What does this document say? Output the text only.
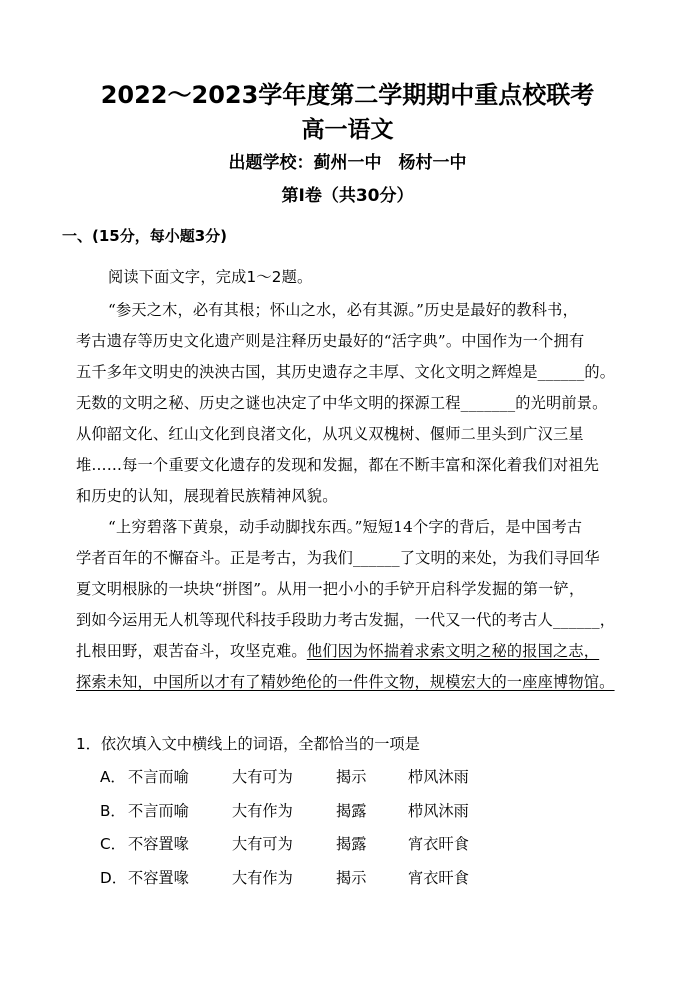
2022～2023学年度第二学期期中重点校联考
高一语文
出题学校：蓟州一中　杨村一中
第Ⅰ卷（共30分）
一、(15分，每小题3分)
阅读下面文字，完成1～2题。
“参天之木，必有其根；怀山之水，必有其源。”历史是最好的教科书，
考古遗存等历史文化遗产则是注释历史最好的“活字典”。中国作为一个拥有
五千多年文明史的泱泱古国，其历史遗存之丰厚、文化文明之辉煌是______的。
无数的文明之秘、历史之谜也决定了中华文明的探源工程_______的光明前景。
从仰韶文化、红山文化到良渚文化，从巩义双槐树、偃师二里头到广汉三星
堆……每一个重要文化遗存的发现和发掘，都在不断丰富和深化着我们对祖先
和历史的认知，展现着民族精神风貌。
“上穷碧落下黄泉，动手动脚找东西。”短短14个字的背后，是中国考古
学者百年的不懈奋斗。正是考古，为我们______了文明的来处，为我们寻回华
夏文明根脉的一块块“拼图”。从用一把小小的手铲开启科学发掘的第一铲，
到如今运用无人机等现代科技手段助力考古发掘，一代又一代的考古人______，
扎根田野，艰苦奋斗，攻坚克难。他们因为怀揣着求索文明之秘的报国之志，
探索未知，中国所以才有了精妙绝伦的一件件文物，规模宏大的一座座博物馆。
1．依次填入文中横线上的词语，全都恰当的一项是
A． 不言而喻	大有可为	揭示	栉风沐雨
B． 不言而喻	大有作为	揭露	栉风沐雨
C． 不容置喙	大有可为	揭露	宵衣旰食
D． 不容置喙	大有作为	揭示	宵衣旰食
